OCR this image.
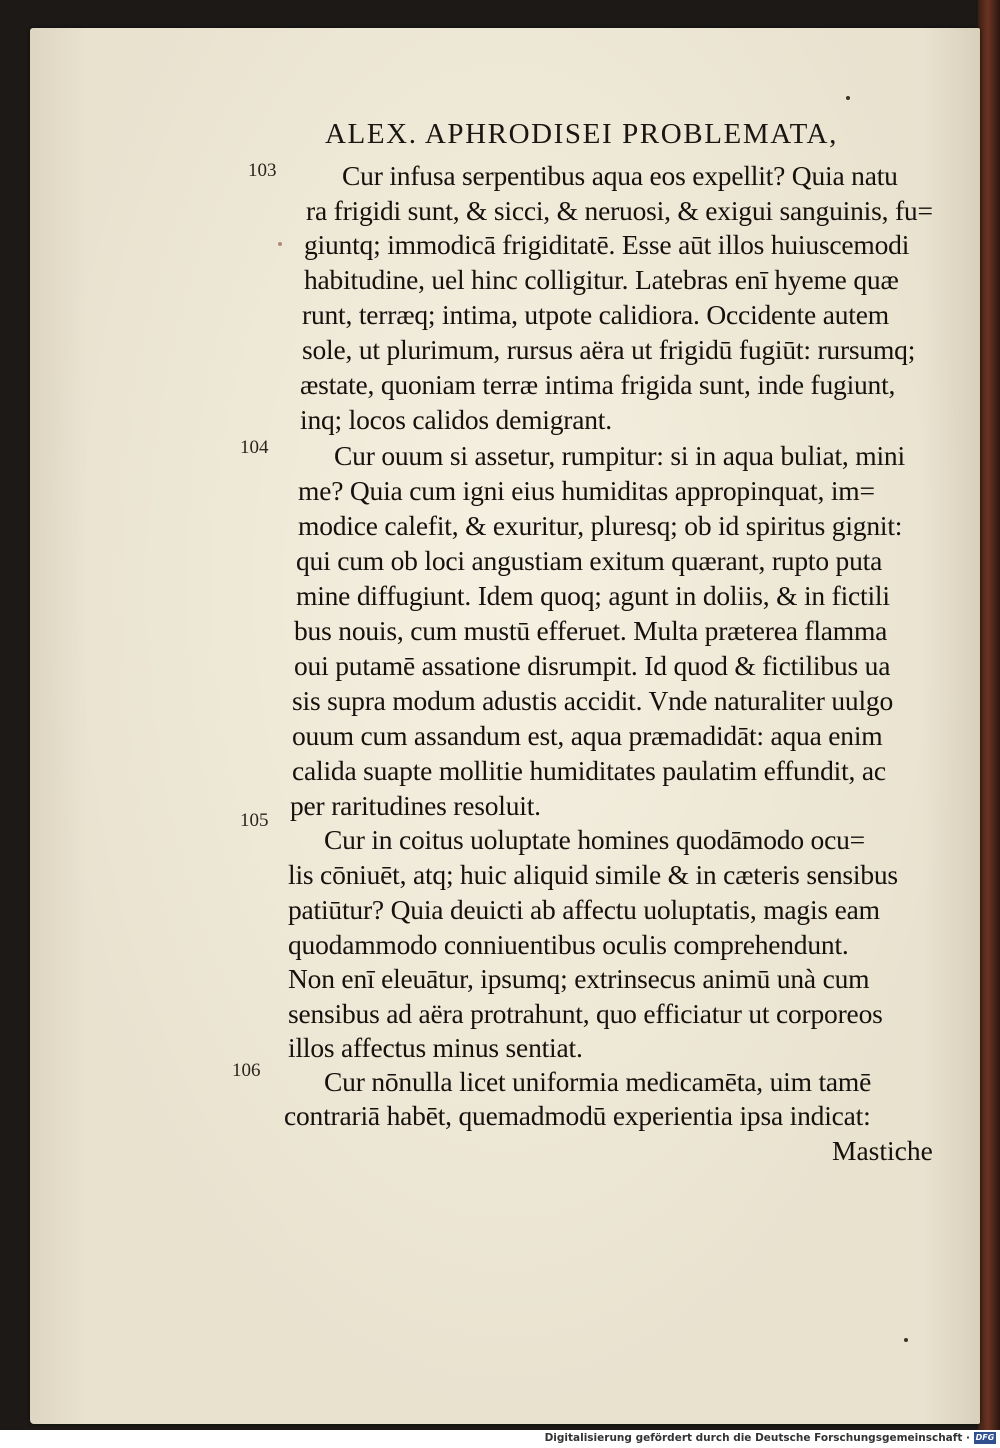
ALEX. APHRODISEI PROBLEMATA,
103
104
105
106
Cur infusa serpentibus aqua eos expellit? Quia natu
ra frigidi sunt, & sicci, & neruosi, & exigui sanguinis, fu=
giuntq; immodicā frigiditatē. Esse aūt illos huiuscemodi
habitudine, uel hinc colligitur. Latebras enī hyeme quæ
runt, terræq; intima, utpote calidiora. Occidente autem
sole, ut plurimum, rursus aëra ut frigidū fugiūt: rursumq;
æstate, quoniam terræ intima frigida sunt, inde fugiunt,
inq; locos calidos demigrant.
Cur ouum si assetur, rumpitur: si in aqua buliat, mini
me? Quia cum igni eius humiditas appropinquat, im=
modice calefit, & exuritur, pluresq; ob id spiritus gignit:
qui cum ob loci angustiam exitum quærant, rupto puta
mine diffugiunt. Idem quoq; agunt in doliis, & in fictili
bus nouis, cum mustū efferuet. Multa præterea flamma
oui putamē assatione disrumpit. Id quod & fictilibus ua
sis supra modum adustis accidit. Vnde naturaliter uulgo
ouum cum assandum est, aqua præmadidāt: aqua enim
calida suapte mollitie humiditates paulatim effundit, ac
per raritudines resoluit.
Cur in coitus uoluptate homines quodāmodo ocu=
lis cōniuēt, atq; huic aliquid simile & in cæteris sensibus
patiūtur? Quia deuicti ab affectu uoluptatis, magis eam
quodammodo conniuentibus oculis comprehendunt.
Non enī eleuātur, ipsumq; extrinsecus animū unà cum
sensibus ad aëra protrahunt, quo efficiatur ut corporeos
illos affectus minus sentiat.
Cur nōnulla licet uniformia medicamēta, uim tamē
contrariā habēt, quemadmodū experientia ipsa indicat:
Mastiche
Digitalisierung gefördert durch die Deutsche Forschungsgemeinschaft · DFG
